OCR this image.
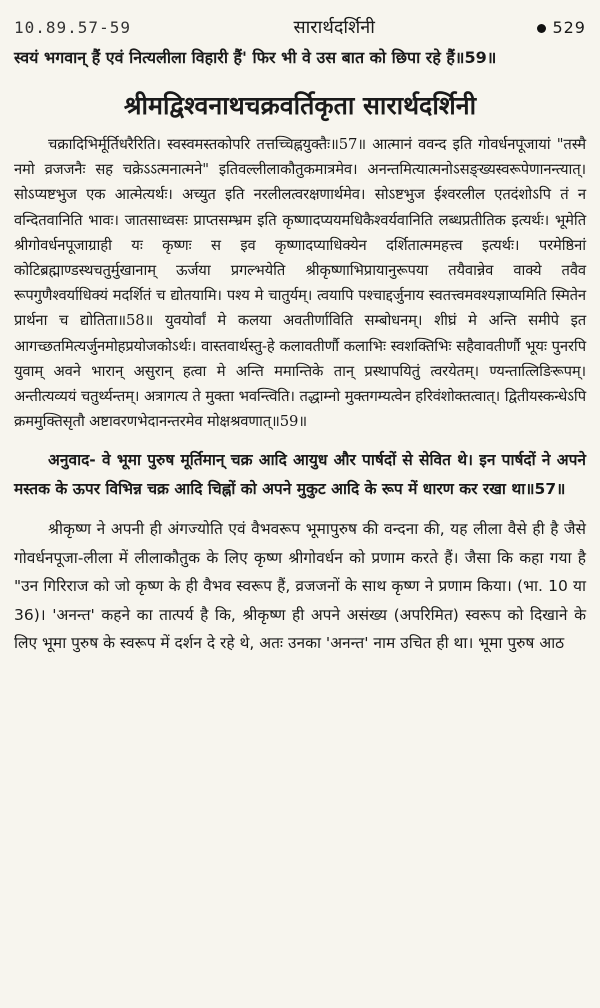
10.89.57-59	सारार्थदर्शिनी	529
स्वयं भगवान् हैं एवं नित्यलीला विहारी हैं' फिर भी वे उस बात को छिपा रहे हैं॥59॥
श्रीमद्विश्वनाथचक्रवर्तिकृता सारार्थदर्शिनी

चक्रादिभिर्मूर्तिधरैरिति। स्वस्वमस्तकोपरि तत्तच्चिह्नयुक्तैः॥57॥ आत्मानं ववन्द इति गोवर्धनपूजायां "तस्मै नमो व्रजजनैः सह चक्रेऽऽत्मनात्मने" इतिवल्लीलाकौतुकमात्रमेव। अनन्तमित्यात्मनोऽसङ्ख्यस्वरूपेणानन्त्यात्। सोऽप्यष्टभुज एक आत्मेत्यर्थः। अच्युत इति नरलीलत्वरक्षणार्थमेव। सोऽष्टभुज ईश्वरलील एतदंशोऽपि तं न वन्दितवानिति भावः। जातसाध्वसः प्राप्तसम्भ्रम इति कृष्णादप्ययमधिकैश्वर्यवानिति लब्धप्रतीतिक इत्यर्थः। भूमेति श्रीगोवर्धनपूजाग्राही यः कृष्णः स इव कृष्णादप्याधिक्येन दर्शितात्ममहत्त्व इत्यर्थः। परमेष्ठिनां कोटिब्रह्माण्डस्थचतुर्मुखानाम् ऊर्जया प्रगल्भयेति श्रीकृष्णाभिप्रायानुरूपया तयैवान्नेव वाक्ये तवैव रूपगुणैश्वर्याधिक्यं मदर्शितं च द्योतयामि। पश्य मे चातुर्यम्। त्वयापि पश्चाद्दर्जुनाय स्वतत्त्वमवश्यज्ञाप्यमिति स्मितेन प्रार्थना च द्योतिता॥58॥ युवयोर्वां मे कलया अवतीर्णाविति सम्बोधनम्। शीघ्रं मे अन्ति समीपे इत आगच्छतमित्यर्जुनमोहप्रयोजकोऽर्थः। वास्तवार्थस्तु-हे कलावतीर्णौ कलाभिः स्वशक्तिभिः सहैवावतीर्णौ भूयः पुनरपि युवाम् अवने भारान् असुरान् हत्वा मे अन्ति ममान्तिके तान् प्रस्थापयितुं त्वरयेतम्। ण्यन्तात्लिङिरूपम्। अन्तीत्यव्ययं चतुर्थ्यन्तम्। अत्रागत्य ते मुक्ता भवन्त्विति। तद्धाम्नो मुक्तगम्यत्वेन हरिवंशोक्तत्वात्। द्वितीयस्कन्धेऽपि क्रममुक्तिसृतौ अष्टावरणभेदानन्तरमेव मोक्षश्रवणात्॥59॥

अनुवाद- वे भूमा पुरुष मूर्तिमान् चक्र आदि आयुध और पार्षदों से सेवित थे। इन पार्षदों ने अपने मस्तक के ऊपर विभिन्न चक्र आदि चिह्नों को अपने मुकुट आदि के रूप में धारण कर रखा था॥57॥

श्रीकृष्ण ने अपनी ही अंगज्योति एवं वैभवरूप भूमापुरुष की वन्दना की, यह लीला वैसे ही है जैसे गोवर्धनपूजा-लीला में लीलाकौतुक के लिए कृष्ण श्रीगोवर्धन को प्रणाम करते हैं। जैसा कि कहा गया है "उन गिरिराज को जो कृष्ण के ही वैभव स्वरूप हैं, व्रजजनों के साथ कृष्ण ने प्रणाम किया। (भा. 10 या 36)। 'अनन्त' कहने का तात्पर्य है कि, श्रीकृष्ण ही अपने असंख्य (अपरिमित) स्वरूप को दिखाने के लिए भूमा पुरुष के स्वरूप में दर्शन दे रहे थे, अतः उनका 'अनन्त' नाम उचित ही था। भूमा पुरुष आठ
